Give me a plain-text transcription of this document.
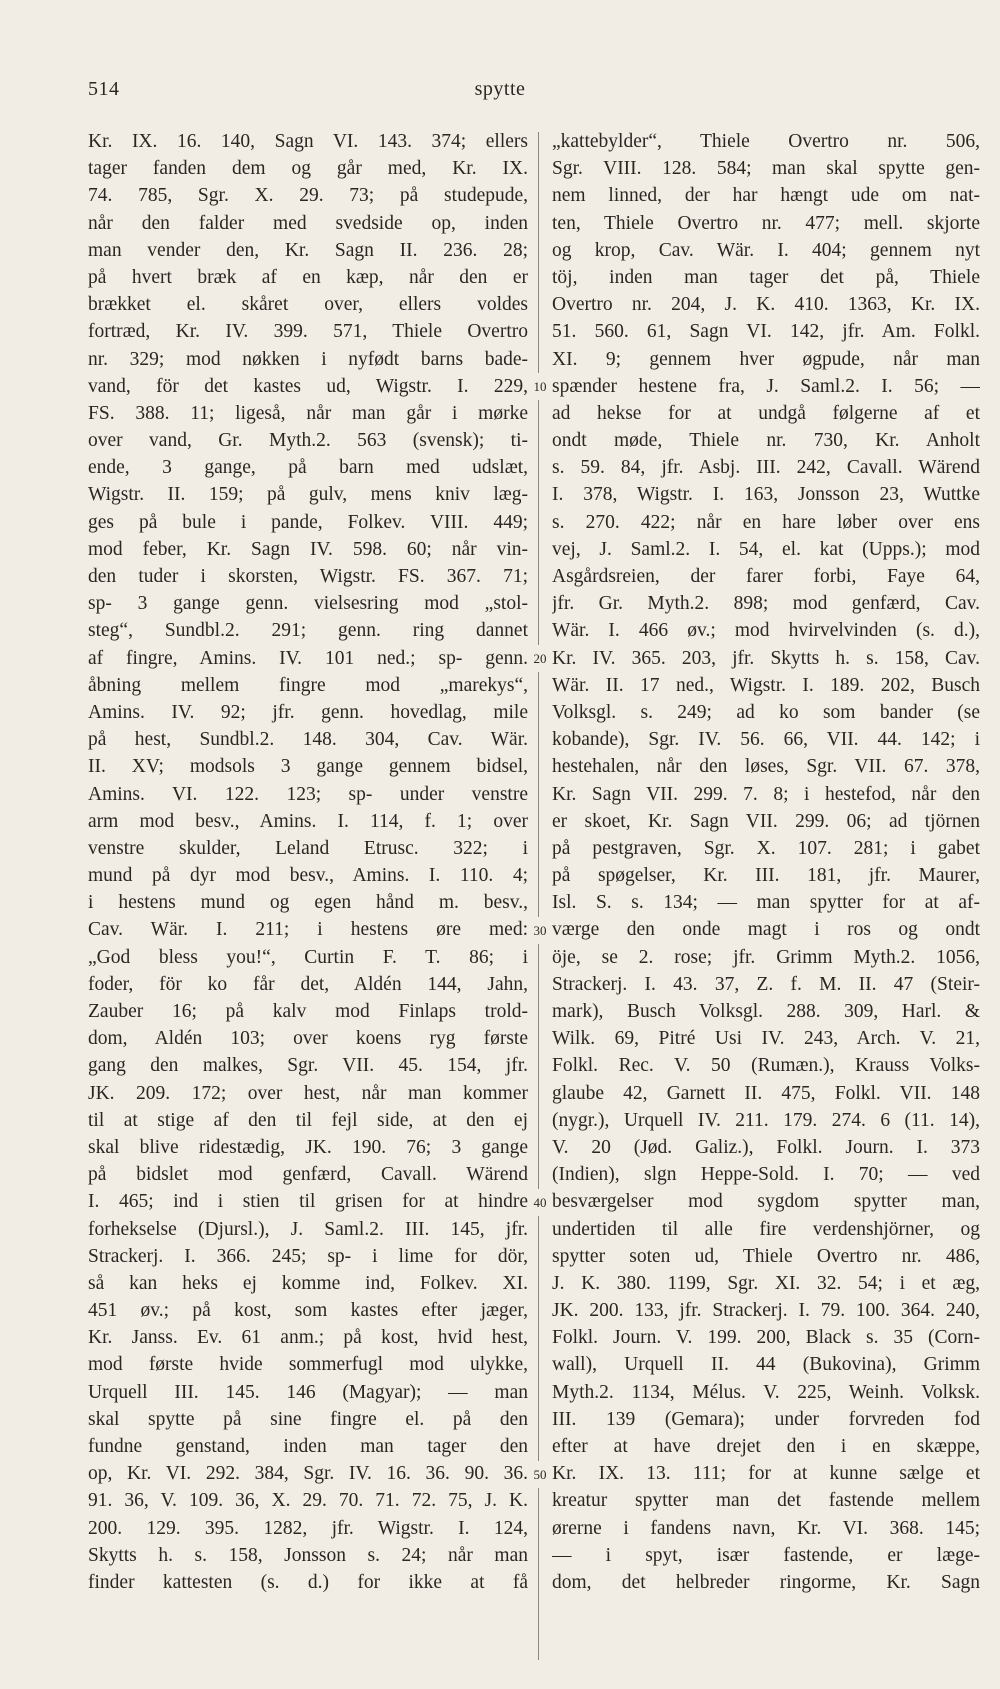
514	spytte
Kr. IX. 16. 140, Sagn VI. 143. 374; ellers
tager fanden dem og går med, Kr. IX.
74. 785, Sgr. X. 29. 73; på studepude,
når den falder med svedside op, inden
man vender den, Kr. Sagn II. 236. 28;
på hvert bræk af en kæp, når den er
brækket el. skåret over, ellers voldes
fortræd, Kr. IV. 399. 571, Thiele Overtro
nr. 329; mod nøkken i nyfødt barns bade-
vand, för det kastes ud, Wigstr. I. 229,
FS. 388. 11; ligeså, når man går i mørke
over vand, Gr. Myth.2. 563 (svensk); ti-
ende, 3 gange, på barn med udslæt,
Wigstr. II. 159; på gulv, mens kniv læg-
ges på bule i pande, Folkev. VIII. 449;
mod feber, Kr. Sagn IV. 598. 60; når vin-
den tuder i skorsten, Wigstr. FS. 367. 71;
sp- 3 gange genn. vielsesring mod „stol-
steg“, Sundbl.2. 291; genn. ring dannet
af fingre, Amins. IV. 101 ned.; sp- genn.
åbning mellem fingre mod „marekys“,
Amins. IV. 92; jfr. genn. hovedlag, mile
på hest, Sundbl.2. 148. 304, Cav. Wär.
II. XV; modsols 3 gange gennem bidsel,
Amins. VI. 122. 123; sp- under venstre
arm mod besv., Amins. I. 114, f. 1; over
venstre skulder, Leland Etrusc. 322; i
mund på dyr mod besv., Amins. I. 110. 4;
i hestens mund og egen hånd m. besv.,
Cav. Wär. I. 211; i hestens øre med:
„God bless you!“, Curtin F. T. 86; i
foder, för ko får det, Aldén 144, Jahn,
Zauber 16; på kalv mod Finlaps trold-
dom, Aldén 103; over koens ryg første
gang den malkes, Sgr. VII. 45. 154, jfr.
JK. 209. 172; over hest, når man kommer
til at stige af den til fejl side, at den ej
skal blive ridestædig, JK. 190. 76; 3 gange
på bidslet mod genfærd, Cavall. Wärend
I. 465; ind i stien til grisen for at hindre
forhekselse (Djursl.), J. Saml.2. III. 145, jfr.
Strackerj. I. 366. 245; sp- i lime for dör,
så kan heks ej komme ind, Folkev. XI.
451 øv.; på kost, som kastes efter jæger,
Kr. Janss. Ev. 61 anm.; på kost, hvid hest,
mod første hvide sommerfugl mod ulykke,
Urquell III. 145. 146 (Magyar); — man
skal spytte på sine fingre el. på den
fundne genstand, inden man tager den
op, Kr. VI. 292. 384, Sgr. IV. 16. 36. 90. 36.
91. 36, V. 109. 36, X. 29. 70. 71. 72. 75, J. K.
200. 129. 395. 1282, jfr. Wigstr. I. 124,
Skytts h. s. 158, Jonsson s. 24; når man
finder kattesten (s. d.) for ikke at få
10
20
30
40
50
„kattebylder“, Thiele Overtro nr. 506,
Sgr. VIII. 128. 584; man skal spytte gen-
nem linned, der har hængt ude om nat-
ten, Thiele Overtro nr. 477; mell. skjorte
og krop, Cav. Wär. I. 404; gennem nyt
töj, inden man tager det på, Thiele
Overtro nr. 204, J. K. 410. 1363, Kr. IX.
51. 560. 61, Sagn VI. 142, jfr. Am. Folkl.
XI. 9; gennem hver øgpude, når man
spænder hestene fra, J. Saml.2. I. 56; —
ad hekse for at undgå følgerne af et
ondt møde, Thiele nr. 730, Kr. Anholt
s. 59. 84, jfr. Asbj. III. 242, Cavall. Wärend
I. 378, Wigstr. I. 163, Jonsson 23, Wuttke
s. 270. 422; når en hare løber over ens
vej, J. Saml.2. I. 54, el. kat (Upps.); mod
Asgårdsreien, der farer forbi, Faye 64,
jfr. Gr. Myth.2. 898; mod genfærd, Cav.
Wär. I. 466 øv.; mod hvirvelvinden (s. d.),
Kr. IV. 365. 203, jfr. Skytts h. s. 158, Cav.
Wär. II. 17 ned., Wigstr. I. 189. 202, Busch
Volksgl. s. 249; ad ko som bander (se
kobande), Sgr. IV. 56. 66, VII. 44. 142; i
hestehalen, når den løses, Sgr. VII. 67. 378,
Kr. Sagn VII. 299. 7. 8; i hestefod, når den
er skoet, Kr. Sagn VII. 299. 06; ad tjörnen
på pestgraven, Sgr. X. 107. 281; i gabet
på spøgelser, Kr. III. 181, jfr. Maurer,
Isl. S. s. 134; — man spytter for at af-
værge den onde magt i ros og ondt
öje, se 2. rose; jfr. Grimm Myth.2. 1056,
Strackerj. I. 43. 37, Z. f. M. II. 47 (Steir-
mark), Busch Volksgl. 288. 309, Harl. &
Wilk. 69, Pitré Usi IV. 243, Arch. V. 21,
Folkl. Rec. V. 50 (Rumæn.), Krauss Volks-
glaube 42, Garnett II. 475, Folkl. VII. 148
(nygr.), Urquell IV. 211. 179. 274. 6 (11. 14),
V. 20 (Jød. Galiz.), Folkl. Journ. I. 373
(Indien), slgn Heppe-Sold. I. 70; — ved
besværgelser mod sygdom spytter man,
undertiden til alle fire verdenshjörner, og
spytter soten ud, Thiele Overtro nr. 486,
J. K. 380. 1199, Sgr. XI. 32. 54; i et æg,
JK. 200. 133, jfr. Strackerj. I. 79. 100. 364. 240,
Folkl. Journ. V. 199. 200, Black s. 35 (Corn-
wall), Urquell II. 44 (Bukovina), Grimm
Myth.2. 1134, Mélus. V. 225, Weinh. Volksk.
III. 139 (Gemara); under forvreden fod
efter at have drejet den i en skæppe,
Kr. IX. 13. 111; for at kunne sælge et
kreatur spytter man det fastende mellem
ørerne i fandens navn, Kr. VI. 368. 145;
— i spyt, især fastende, er læge-
dom, det helbreder ringorme, Kr. Sagn
